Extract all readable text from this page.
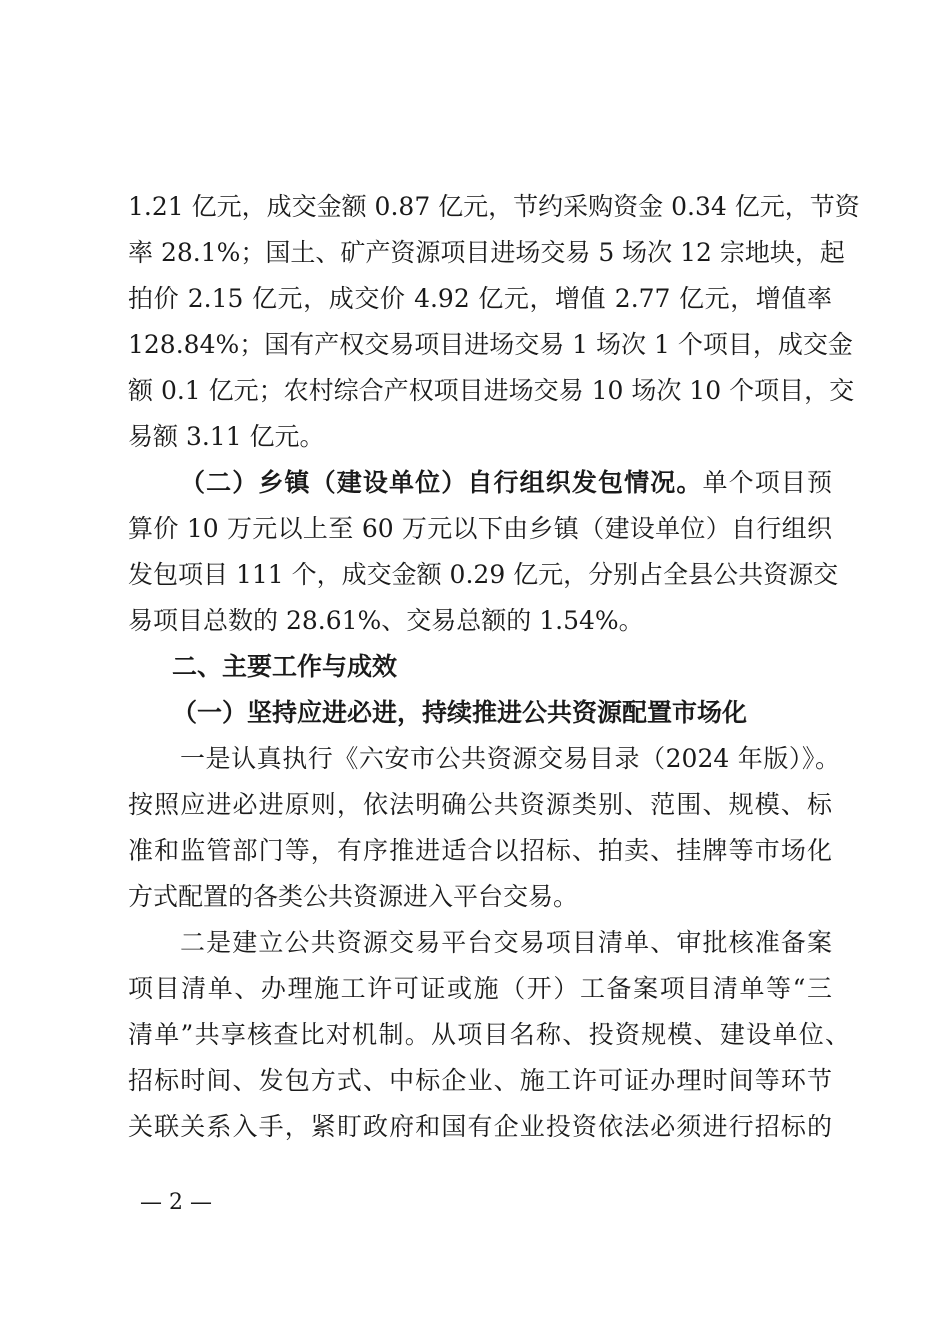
1.21 亿元，成交金额 0.87 亿元，节约采购资金 0.34 亿元，节资
率 28.1%；国土、矿产资源项目进场交易 5 场次 12 宗地块，起
拍价 2.15 亿元，成交价 4.92 亿元，增值 2.77 亿元，增值率
128.84%；国有产权交易项目进场交易 1 场次 1 个项目，成交金
额 0.1 亿元；农村综合产权项目进场交易 10 场次 10 个项目，交
易额 3.11 亿元。
（二）乡镇（建设单位）自行组织发包情况。单个项目预
算价 10 万元以上至 60 万元以下由乡镇（建设单位）自行组织
发包项目 111 个，成交金额 0.29 亿元，分别占全县公共资源交
易项目总数的 28.61%、交易总额的 1.54%。
二、主要工作与成效
（一）坚持应进必进，持续推进公共资源配置市场化
一是认真执行《六安市公共资源交易目录（2024 年版）》。
按照应进必进原则，依法明确公共资源类别、范围、规模、标
准和监管部门等，有序推进适合以招标、拍卖、挂牌等市场化
方式配置的各类公共资源进入平台交易。
二是建立公共资源交易平台交易项目清单、审批核准备案
项目清单、办理施工许可证或施（开）工备案项目清单等“三
清单”共享核查比对机制。从项目名称、投资规模、建设单位、
招标时间、发包方式、中标企业、施工许可证办理时间等环节
关联关系入手，紧盯政府和国有企业投资依法必须进行招标的
— 2 —
